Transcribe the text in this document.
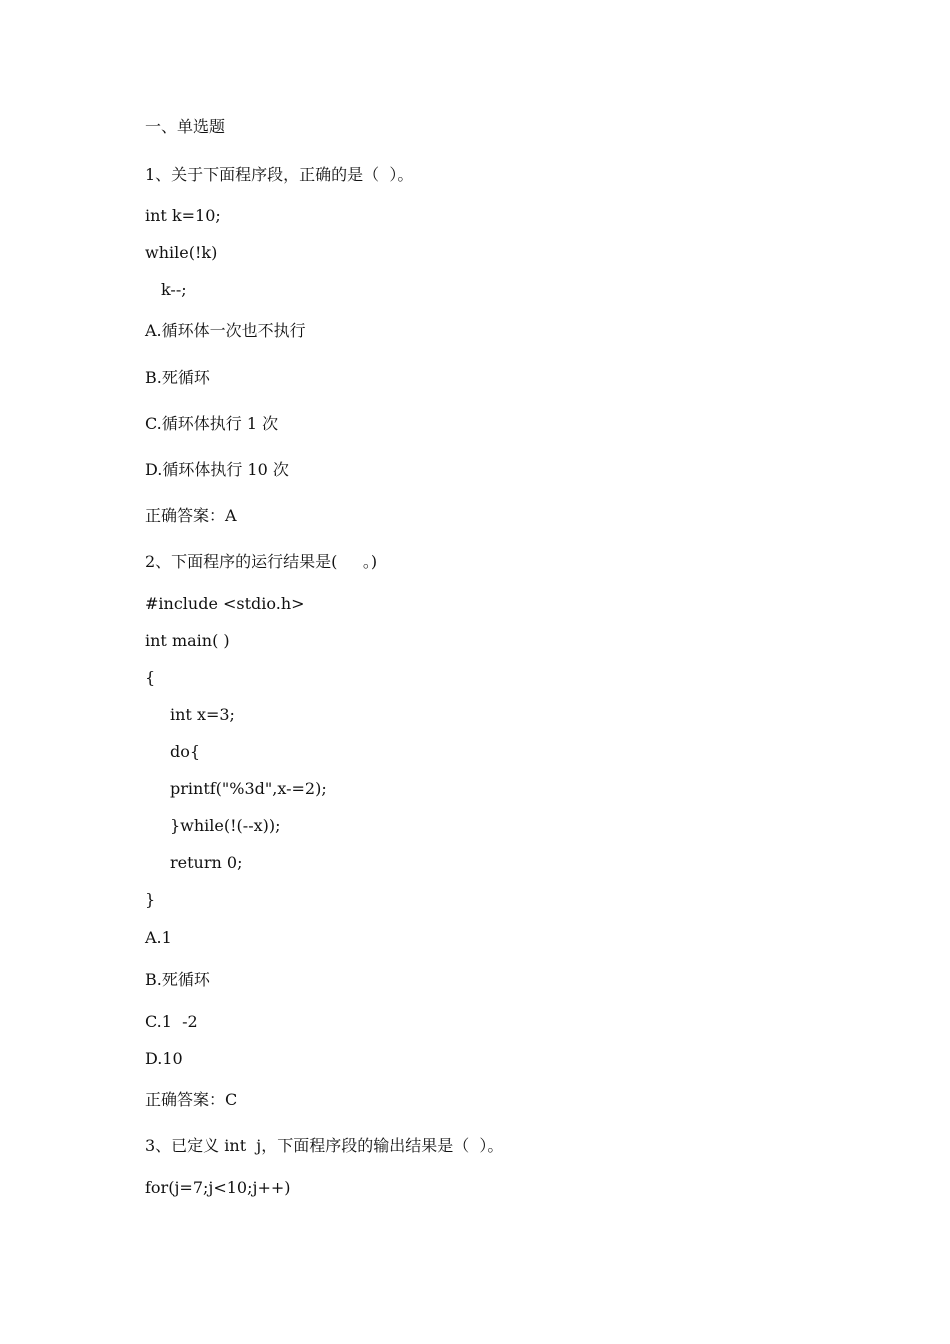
一、单选题

1、关于下面程序段，正确的是（  ）。

int k=10;

while(!k)

k--;

A.循环体一次也不执行

B.死循环

C.循环体执行 1 次

D.循环体执行 10 次

正确答案：A

2、下面程序的运行结果是(     。)

#include <stdio.h>

int main( )

{

int x=3;

do{

printf("%3d",x-=2);

}while(!(--x));

return 0;

}

A.1

B.死循环

C.1  -2

D.10

正确答案：C

3、已定义 int  j，下面程序段的输出结果是（  ）。

for(j=7;j<10;j++)
